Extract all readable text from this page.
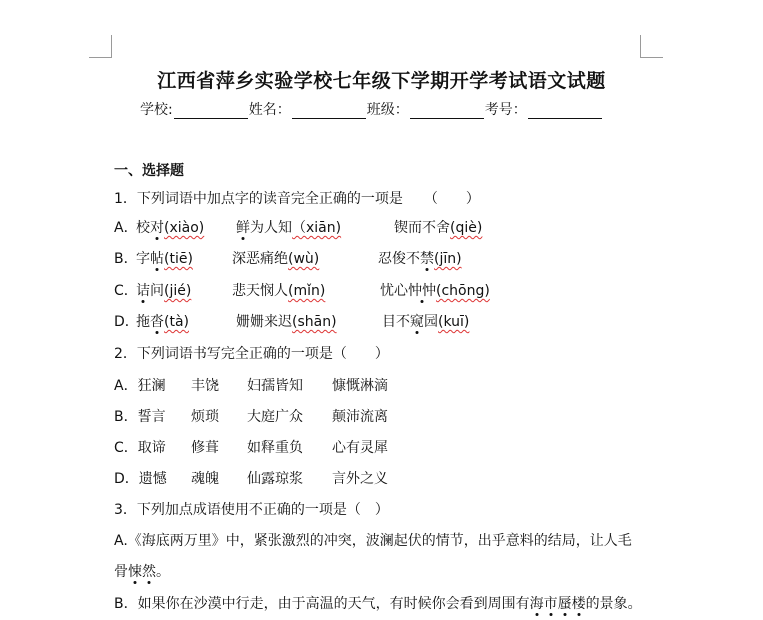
江西省萍乡实验学校七年级下学期开学考试语文试题
学校:	姓名：	班级：	考号：
一、选择题
1．下列词语中加点字的读音完全正确的一项是　　（　　）
A．
校对(xiào) 鲜为人知（xiān)	锲而不舍(qiè)
B．
字帖(tiē)	深恶痛绝(wù)	忍俊不禁(jīn)
C．
诘问(jié)	悲天悯人(mǐn)	忧心忡忡(chōng)
D．
拖沓(tà)	姗姗来迟(shān)	目不窥园(kuī)
2．下列词语书写完全正确的一项是（　　）
A．狂澜 丰饶 妇孺皆知 慷慨淋滴
B．誓言 烦琐 大庭广众 颠沛流离
C．取谛 修葺 如释重负 心有灵犀
D．遗憾 魂魄 仙露琼浆 言外之义
3．下列加点成语使用不正确的一项是（　）
A.《海底两万里》中，紧张激烈的冲突，波澜起伏的情节，出乎意料的结局，让人毛
骨悚然。
B．如果你在沙漠中行走，由于高温的天气，有时候你会看到周围有海市蜃楼的景象。
